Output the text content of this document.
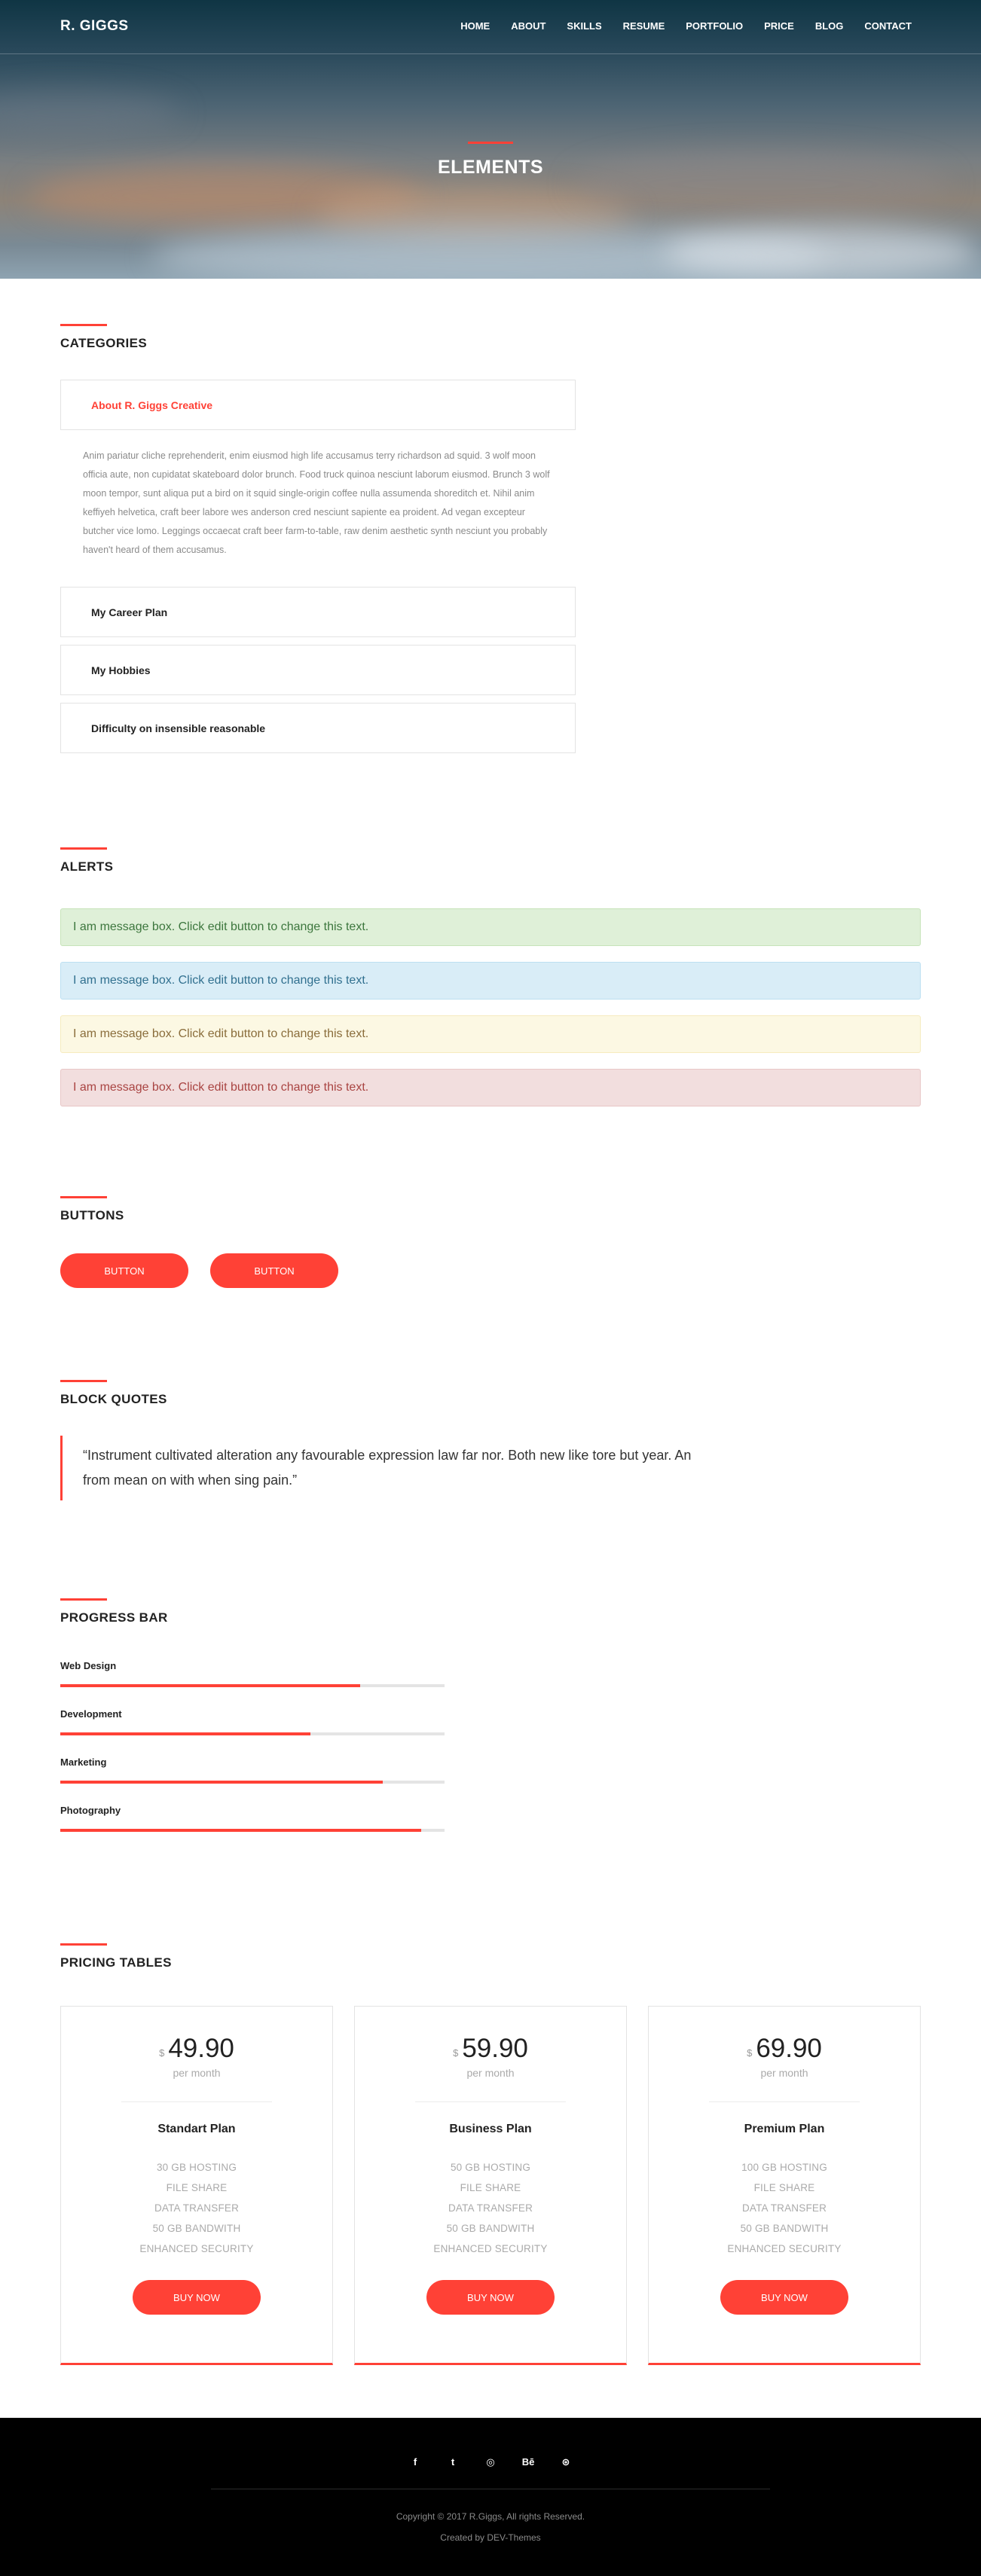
R. GIGGS	HOME ABOUT SKILLS RESUME PORTFOLIO PRICE BLOG CONTACT
ELEMENTS
CATEGORIES
About R. Giggs Creative
Anim pariatur cliche reprehenderit, enim eiusmod high life accusamus terry richardson ad squid. 3 wolf moon officia aute, non cupidatat skateboard dolor brunch. Food truck quinoa nesciunt laborum eiusmod. Brunch 3 wolf moon tempor, sunt aliqua put a bird on it squid single-origin coffee nulla assumenda shoreditch et. Nihil anim keffiyeh helvetica, craft beer labore wes anderson cred nesciunt sapiente ea proident. Ad vegan excepteur butcher vice lomo. Leggings occaecat craft beer farm-to-table, raw denim aesthetic synth nesciunt you probably haven't heard of them accusamus.
My Career Plan
My Hobbies
Difficulty on insensible reasonable
ALERTS
I am message box. Click edit button to change this text.
I am message box. Click edit button to change this text.
I am message box. Click edit button to change this text.
I am message box. Click edit button to change this text.
BUTTONS
BUTTON	BUTTON
BLOCK QUOTES
“Instrument cultivated alteration any favourable expression law far nor. Both new like tore but year. An from mean on with when sing pain.”
PROGRESS BAR
Web Design
Development
Marketing
Photography
PRICING TABLES
$ 49.90
per month
Standart Plan
30 GB HOSTING
FILE SHARE
DATA TRANSFER
50 GB BANDWITH
ENHANCED SECURITY
BUY NOW
$ 59.90
per month
Business Plan
50 GB HOSTING
FILE SHARE
DATA TRANSFER
50 GB BANDWITH
ENHANCED SECURITY
BUY NOW
$ 69.90
per month
Premium Plan
100 GB HOSTING
FILE SHARE
DATA TRANSFER
50 GB BANDWITH
ENHANCED SECURITY
BUY NOW
f	t	◎	Bē	⊛
Copyright © 2017 R.Giggs, All rights Reserved.
Created by DEV-Themes
